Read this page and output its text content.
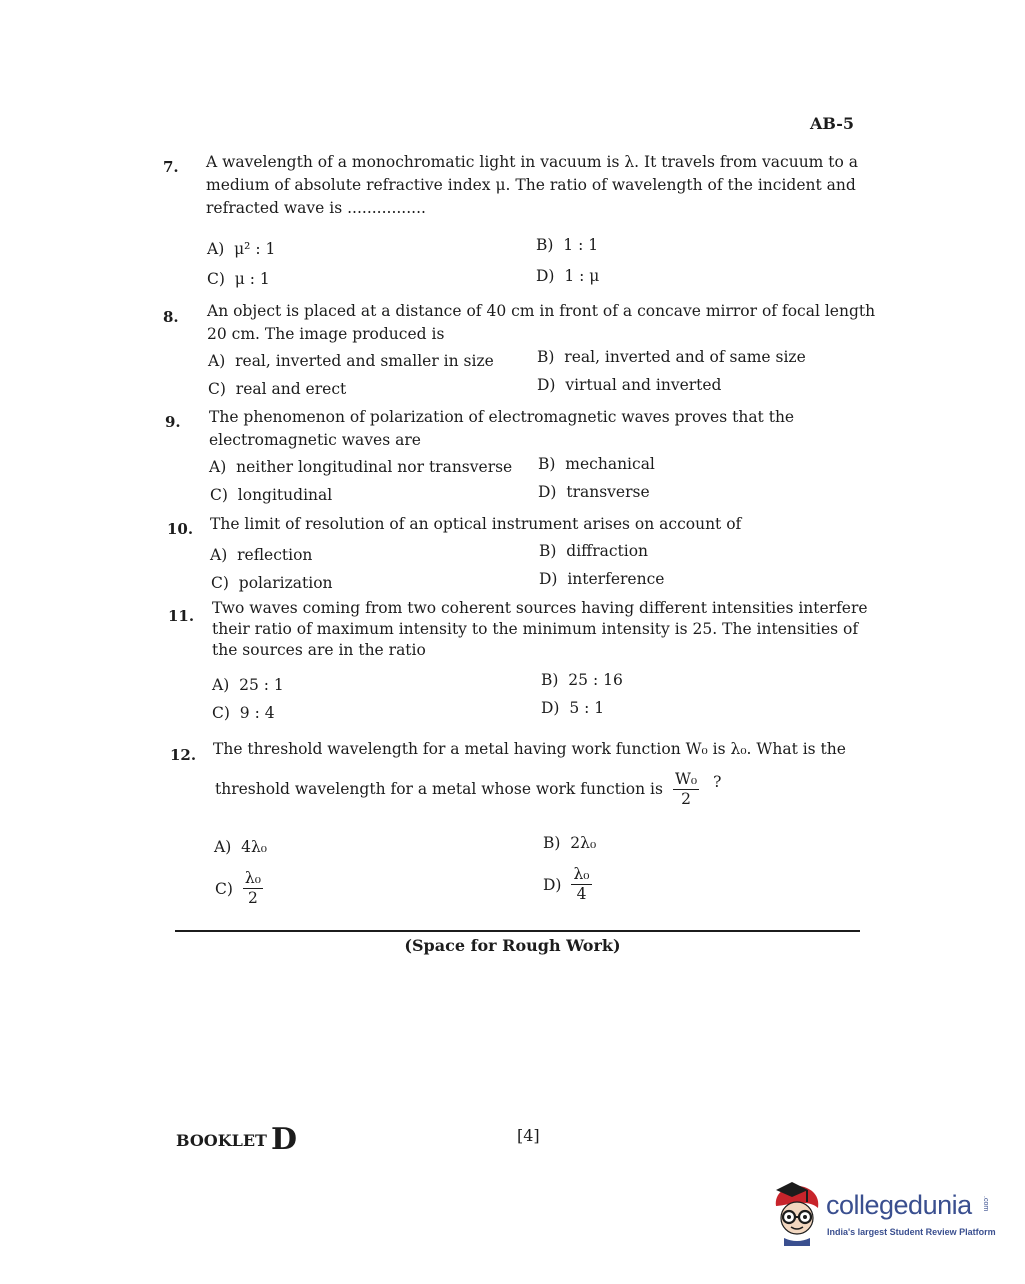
AB-5
7. A wavelength of a monochromatic light in vacuum is λ. It travels from vacuum to a
medium of absolute refractive index μ. The ratio of wavelength of the incident and
refracted wave is ................
A) μ² : 1	B) 1 : 1
C) μ : 1	D) 1 : μ
8. An object is placed at a distance of 40 cm in front of a concave mirror of focal length
20 cm. The image produced is
A) real, inverted and smaller in size	B) real, inverted and of same size
C) real and erect	D) virtual and inverted
9. The phenomenon of polarization of electromagnetic waves proves that the
electromagnetic waves are
A) neither longitudinal nor transverse B) mechanical
C) longitudinal	D) transverse
10. The limit of resolution of an optical instrument arises on account of
A) reflection	B) diffraction
C) polarization	D) interference
11. Two waves coming from two coherent sources having different intensities interfere
their ratio of maximum intensity to the minimum intensity is 25. The intensities of
the sources are in the ratio
A) 25 : 1	B) 25 : 16
C) 9 : 4	D) 5 : 1
12. The threshold wavelength for a metal having work function W₀ is λ₀. What is the
threshold wavelength for a metal whose work function is $\frac{\text{W₀}}{2}$ ?
A) 4λ₀	B) 2λ₀
$C) \frac{\text{λ₀}}{2}$	$D) \frac{\text{λ₀}}{4}$
(Space for Rough Work)
BOOKLET D	[4]
collegedunia .com
India's largest Student Review Platform
